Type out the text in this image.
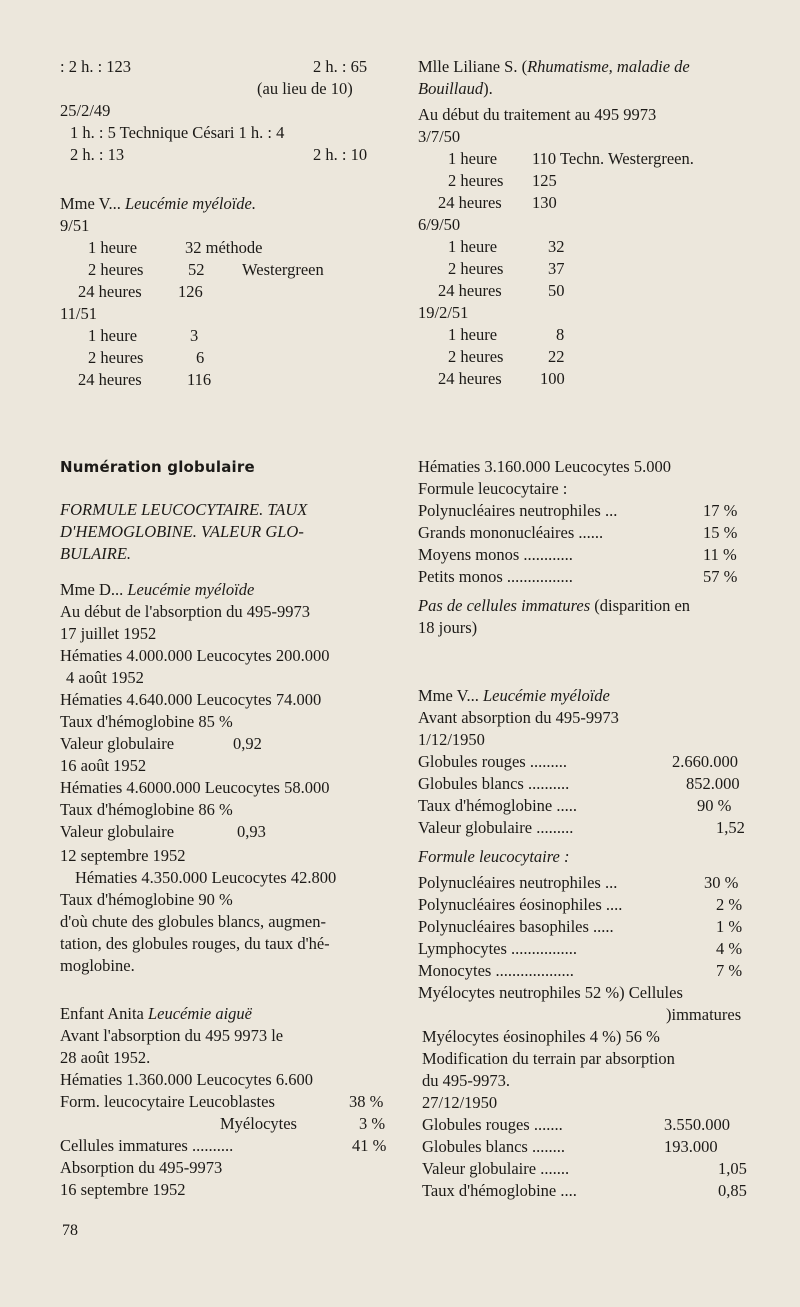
: 2 h. : 123	2 h. : 65
(au lieu de 10)
25/2/49
1 h. : 5 Technique Césari 1 h. : 4
2 h. : 13	2 h. : 10
Mme V... Leucémie myéloïde.
9/51
1 heure	32 méthode
2 heures	52 Westergreen
24 heures 126
11/51
1 heure	3
2 heures	6
24 heures	116
Numération globulaire
FORMULE LEUCOCYTAIRE. TAUX
D'HEMOGLOBINE. VALEUR GLO-
BULAIRE.
Mme D... Leucémie myéloïde
Au début de l'absorption du 495-9973
17 juillet 1952
Hématies 4.000.000 Leucocytes 200.000
4 août 1952
Hématies 4.640.000 Leucocytes 74.000
Taux d'hémoglobine 85 %
Valeur globulaire	0,92
16 août 1952
Hématies 4.6000.000 Leucocytes 58.000
Taux d'hémoglobine 86 %
Valeur globulaire	0,93
12 septembre 1952
Hématies 4.350.000 Leucocytes 42.800
Taux d'hémoglobine 90 %
d'où chute des globules blancs, augmen-
tation, des globules rouges, du taux d'hé-
moglobine.
Enfant Anita Leucémie aiguë
Avant l'absorption du 495 9973 le
28 août 1952.
Hématies 1.360.000 Leucocytes 6.600
Form. leucocytaire Leucoblastes	38 %
Myélocytes	3 %
Cellules immatures ..........	41 %
Absorption du 495-9973
16 septembre 1952
Mlle Liliane S. (Rhumatisme, maladie de
Bouillaud).
Au début du traitement au 495 9973
3/7/50
1 heure 110 Techn. Westergreen.
2 heures 125
24 heures 130
6/9/50
1 heure	32
2 heures	37
24 heures	50
19/2/51
1 heure	8
2 heures	22
24 heures 100
Hématies 3.160.000 Leucocytes 5.000
Formule leucocytaire :
Polynucléaires neutrophiles ...	17 %
Grands mononucléaires ......	15 %
Moyens monos ............	11 %
Petits monos ................	57 %
Pas de cellules immatures (disparition en
18 jours)
Mme V... Leucémie myéloïde
Avant absorption du 495-9973
1/12/1950
Globules rouges .........	2.660.000
Globules blancs ..........	852.000
Taux d'hémoglobine .....	90 %
Valeur globulaire .........	1,52
Formule leucocytaire :
Polynucléaires neutrophiles ...	30 %
Polynucléaires éosinophiles ....	2 %
Polynucléaires basophiles .....	1 %
Lymphocytes ................	4 %
Monocytes ...................	7 %
Myélocytes neutrophiles 52 %) Cellules
)immatures
Myélocytes éosinophiles 4 %) 56 %
Modification du terrain par absorption
du 495-9973.
27/12/1950
Globules rouges .......	3.550.000
Globules blancs ........	193.000
Valeur globulaire .......	1,05
Taux d'hémoglobine ....	0,85
78
